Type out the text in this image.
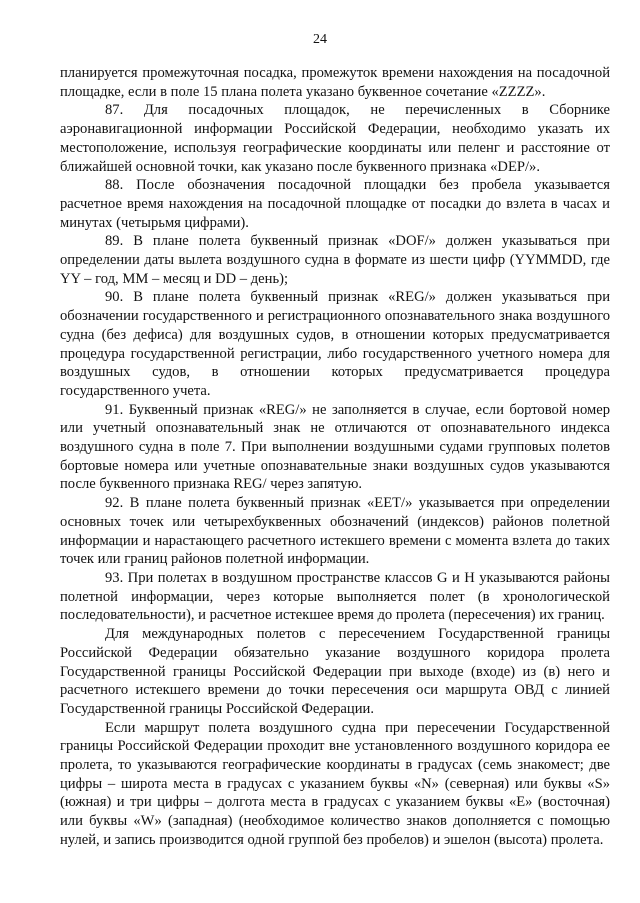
24

планируется промежуточная посадка, промежуток времени нахождения на посадочной площадке, если в поле 15 плана полета указано буквенное сочетание «ZZZZ».

87. Для посадочных площадок, не перечисленных в Сборнике аэронавигационной информации Российской Федерации, необходимо указать их местоположение, используя географические координаты или пеленг и расстояние от ближайшей основной точки, как указано после буквенного признака «DEP/».

88. После обозначения посадочной площадки без пробела указывается расчетное время нахождения на посадочной площадке от посадки до взлета в часах и минутах (четырьмя цифрами).

89. В плане полета буквенный признак «DOF/» должен указываться при определении даты вылета воздушного судна в формате из шести цифр (YYMMDD, где YY – год, MM – месяц и DD – день);

90. В плане полета буквенный признак «REG/» должен указываться при обозначении государственного и регистрационного опознавательного знака воздушного судна (без дефиса) для воздушных судов, в отношении которых предусматривается процедура государственной регистрации, либо государственного учетного номера для воздушных судов, в отношении которых предусматривается процедура государственного учета.

91. Буквенный признак «REG/» не заполняется в случае, если бортовой номер или учетный опознавательный знак не отличаются от опознавательного индекса воздушного судна в поле 7. При выполнении воздушными судами групповых полетов бортовые номера или учетные опознавательные знаки воздушных судов указываются после буквенного признака REG/ через запятую.

92. В плане полета буквенный признак «EET/» указывается при определении основных точек или четырехбуквенных обозначений (индексов) районов полетной информации и нарастающего расчетного истекшего времени с момента взлета до таких точек или границ районов полетной информации.

93. При полетах в воздушном пространстве классов G и H указываются районы полетной информации, через которые выполняется полет (в хронологической последовательности), и расчетное истекшее время до пролета (пересечения) их границ.

Для международных полетов с пересечением Государственной границы Российской Федерации обязательно указание воздушного коридора пролета Государственной границы Российской Федерации при выходе (входе) из (в) него и расчетного истекшего времени до точки пересечения оси маршрута ОВД с линией Государственной границы Российской Федерации.

Если маршрут полета воздушного судна при пересечении Государственной границы Российской Федерации проходит вне установленного воздушного коридора ее пролета, то указываются географические координаты в градусах (семь знакомест; две цифры – широта места в градусах с указанием буквы «N» (северная) или буквы «S» (южная) и три цифры – долгота места в градусах с указанием буквы «E» (восточная) или буквы «W» (западная) (необходимое количество знаков дополняется с помощью нулей, и запись производится одной группой без пробелов) и эшелон (высота) пролета.
